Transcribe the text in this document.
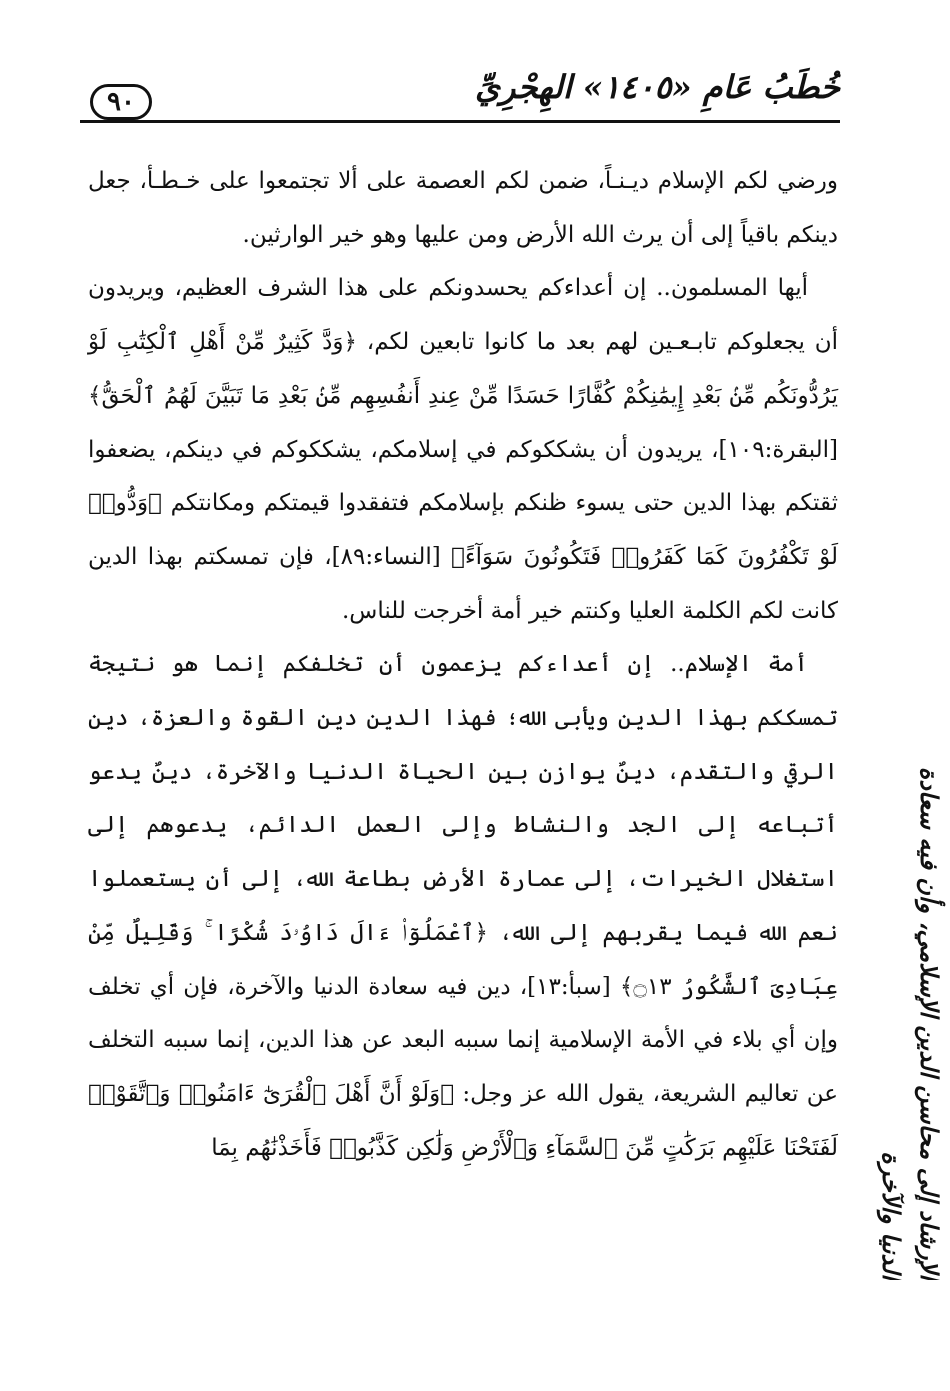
٩٠	خُطَبُ عَامِ «١٤٠٥» الهِجْرِيِّ

ورضي لكم الإسلام ديـنـاً، ضمن لكم العصمة على ألا تجتمعوا على خـطـأ، جعل دينكم باقياً إلى أن يرث الله الأرض ومن عليها وهو خير الوارثين.

أيها المسلمون.. إن أعداءكم يحسدونكم على هذا الشرف العظيم، ويريدون أن يجعلوكم تابـعـين لهم بعد ما كانوا تابعين لكم، ﴿وَدَّ كَثِيرٌ مِّنْ أَهْلِ ٱلْكِتَٰبِ لَوْ يَرُدُّونَكُم مِّنۢ بَعْدِ إِيمَٰنِكُمْ كُفَّارًا حَسَدًا مِّنْ عِندِ أَنفُسِهِم مِّنۢ بَعْدِ مَا تَبَيَّنَ لَهُمُ ٱلْحَقُّ﴾ [البقرة:١٠٩]، يريدون أن يشككوكم في إسلامكم، يشككوكم في دينكم، يضعفوا ثقتكم بهذا الدين حتى يسوء ظنكم بإسلامكم فتفقدوا قيمتكم ومكانتكم ﴿وَدُّوا۟ لَوْ تَكْفُرُونَ كَمَا كَفَرُوا۟ فَتَكُونُونَ سَوَآءً﴾ [النساء:٨٩]، فإن تمسكتم بهذا الدين كانت لكم الكلمة العليا وكنتم خير أمة أخرجت للناس.

أمة الإسلام.. إن أعداءكم يزعمون أن تخلفكم إنما هو نتيجة تمسككم بهذا الدين ويأبى الله؛ فهذا الدين دين القوة والعزة، دين الرقي والتقدم، دينٌ يوازن بين الحياة الدنيا والآخرة، دينٌ يدعو أتباعه إلى الجد والنشاط وإلى العمل الدائم، يدعوهم إلى استغلال الخيرات، إلى عمارة الأرض بطاعة الله، إلى أن يستعملوا نعم الله فيما يقربهم إلى الله، ﴿ٱعْمَلُوٓا۟ ءَالَ دَاوُۥدَ شُكْرًا ۚ وَقَلِيلٌ مِّنْ عِبَادِىَ ٱلشَّكُورُ ۝١٣﴾ [سبأ:١٣]، دين فيه سعادة الدنيا والآخرة، فإن أي تخلف وإن أي بلاء في الأمة الإسلامية إنما سببه البعد عن هذا الدين، إنما سببه التخلف عن تعاليم الشريعة، يقول الله عز وجل: ﴿وَلَوْ أَنَّ أَهْلَ ٱلْقُرَىٰٓ ءَامَنُوا۟ وَٱتَّقَوْا۟ لَفَتَحْنَا عَلَيْهِم بَرَكَٰتٍ مِّنَ ٱلسَّمَآءِ وَٱلْأَرْضِ وَلَٰكِن كَذَّبُوا۟ فَأَخَذْنَٰهُم بِمَا	الإرشاد إلى محاسن الدين الإسلامي، وأن فيه سعادة الدنيا والآخرة
